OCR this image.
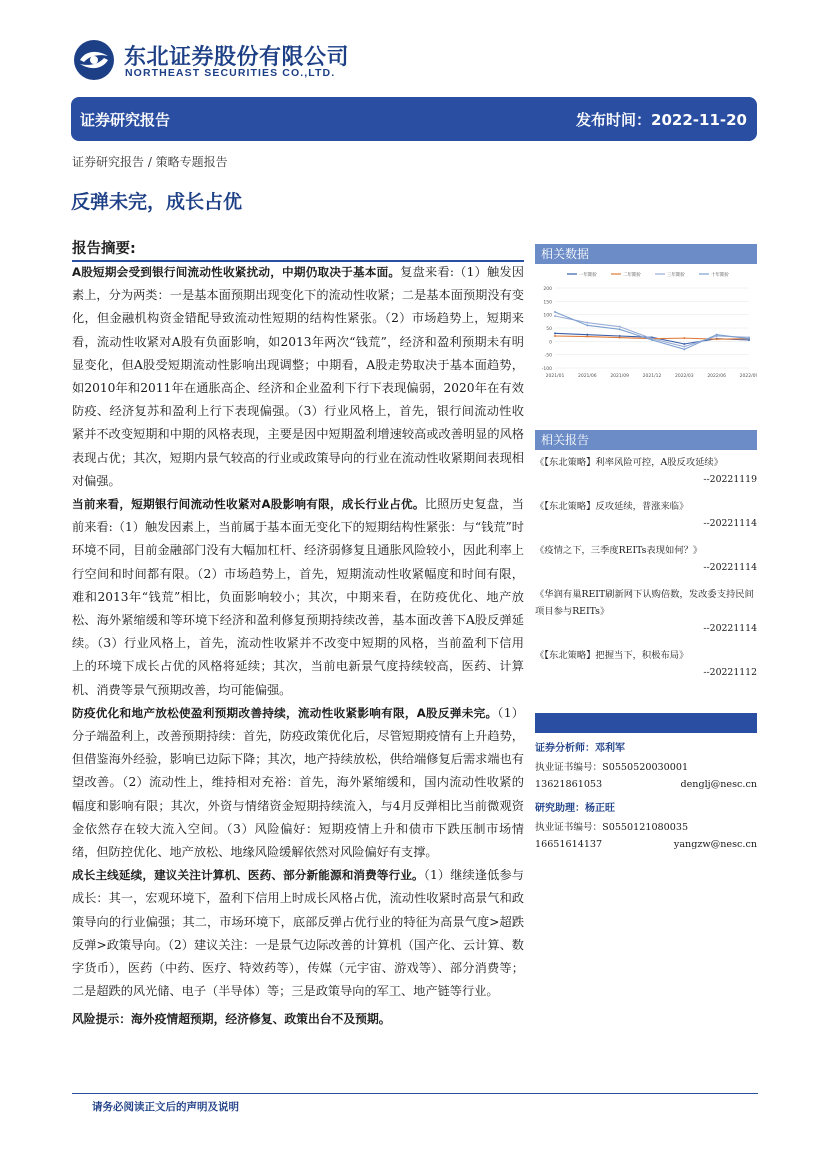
东北证券股份有限公司
NORTHEAST SECURITIES CO.,LTD.
证券研究报告	发布时间：2022-11-20
证券研究报告 / 策略专题报告
反弹未完，成长占优
报告摘要:

A股短期会受到银行间流动性收紧扰动，中期仍取决于基本面。复盘来看:（1）触发因素上，分为两类：一是基本面预期出现变化下的流动性收紧；二是基本面预期没有变化，但金融机构资金错配导致流动性短期的结构性紧张。（2）市场趋势上，短期来看，流动性收紧对A股有负面影响，如2013年两次“钱荒”，经济和盈利预期未有明显变化，但A股受短期流动性影响出现调整；中期看，A股走势取决于基本面趋势，如2010年和2011年在通胀高企、经济和企业盈利下行下表现偏弱，2020年在有效防疫、经济复苏和盈利上行下表现偏强。（3）行业风格上，首先，银行间流动性收紧并不改变短期和中期的风格表现，主要是因中短期盈利增速较高或改善明显的风格表现占优；其次，短期内景气较高的行业或政策导向的行业在流动性收紧期间表现相对偏强。

当前来看，短期银行间流动性收紧对A股影响有限，成长行业占优。比照历史复盘，当前来看:（1）触发因素上，当前属于基本面无变化下的短期结构性紧张：与“钱荒”时环境不同，目前金融部门没有大幅加杠杆、经济弱修复且通胀风险较小，因此利率上行空间和时间都有限。（2）市场趋势上，首先，短期流动性收紧幅度和时间有限，难和2013年“钱荒”相比，负面影响较小；其次，中期来看，在防疫优化、地产放松、海外紧缩缓和等环境下经济和盈利修复预期持续改善，基本面改善下A股反弹延续。（3）行业风格上，首先，流动性收紧并不改变中短期的风格，当前盈利下信用上的环境下成长占优的风格将延续；其次，当前电新景气度持续较高，医药、计算机、消费等景气预期改善，均可能偏强。

防疫优化和地产放松使盈利预期改善持续，流动性收紧影响有限，A股反弹未完。（1）分子端盈利上，改善预期持续：首先，防疫政策优化后，尽管短期疫情有上升趋势，但借鉴海外经验，影响已边际下降；其次，地产持续放松，供给端修复后需求端也有望改善。（2）流动性上，维持相对充裕：首先，海外紧缩缓和，国内流动性收紧的幅度和影响有限；其次，外资与情绪资金短期持续流入，与4月反弹相比当前微观资金依然存在较大流入空间。（3）风险偏好：短期疫情上升和债市下跌压制市场情绪，但防控优化、地产放松、地缘风险缓解依然对风险偏好有支撑。

成长主线延续，建议关注计算机、医药、部分新能源和消费等行业。（1）继续逢低参与成长：其一，宏观环境下，盈利下信用上时成长风格占优，流动性收紧时高景气和政策导向的行业偏强；其二，市场环境下，底部反弹占优行业的特征为高景气度>超跌反弹>政策导向。（2）建议关注：一是景气边际改善的计算机（国产化、云计算、数字货币），医药（中药、医疗、特效药等），传媒（元宇宙、游戏等）、部分消费等；二是超跌的风光储、电子（半导体）等；三是政策导向的军工、地产链等行业。

风险提示：海外疫情超预期，经济修复、政策出台不及预期。
相关数据
200
150
100
50
0
-50
-100
2021/01	2021/06	2021/09	2021/12	2022/03	2022/06	2022/09
一年期价	二年期价	三年期价	十年期价
相关报告
《【东北策略】利率风险可控，A股反攻延续》
--20221119
《【东北策略】反攻延续，普涨来临》
--20221114
《疫情之下，三季度REITs表现如何？》
--20221114
《华润有巢REIT刷新网下认购倍数，发改委支持民间项目参与REITs》
--20221114
《【东北策略】把握当下，积极布局》
--20221112
证券分析师：邓利军
执业证书编号：S0550520030001
13621861053	denglj@nesc.cn
研究助理：杨正旺
执业证书编号：S0550121080035
16651614137	yangzw@nesc.cn
请务必阅读正文后的声明及说明
